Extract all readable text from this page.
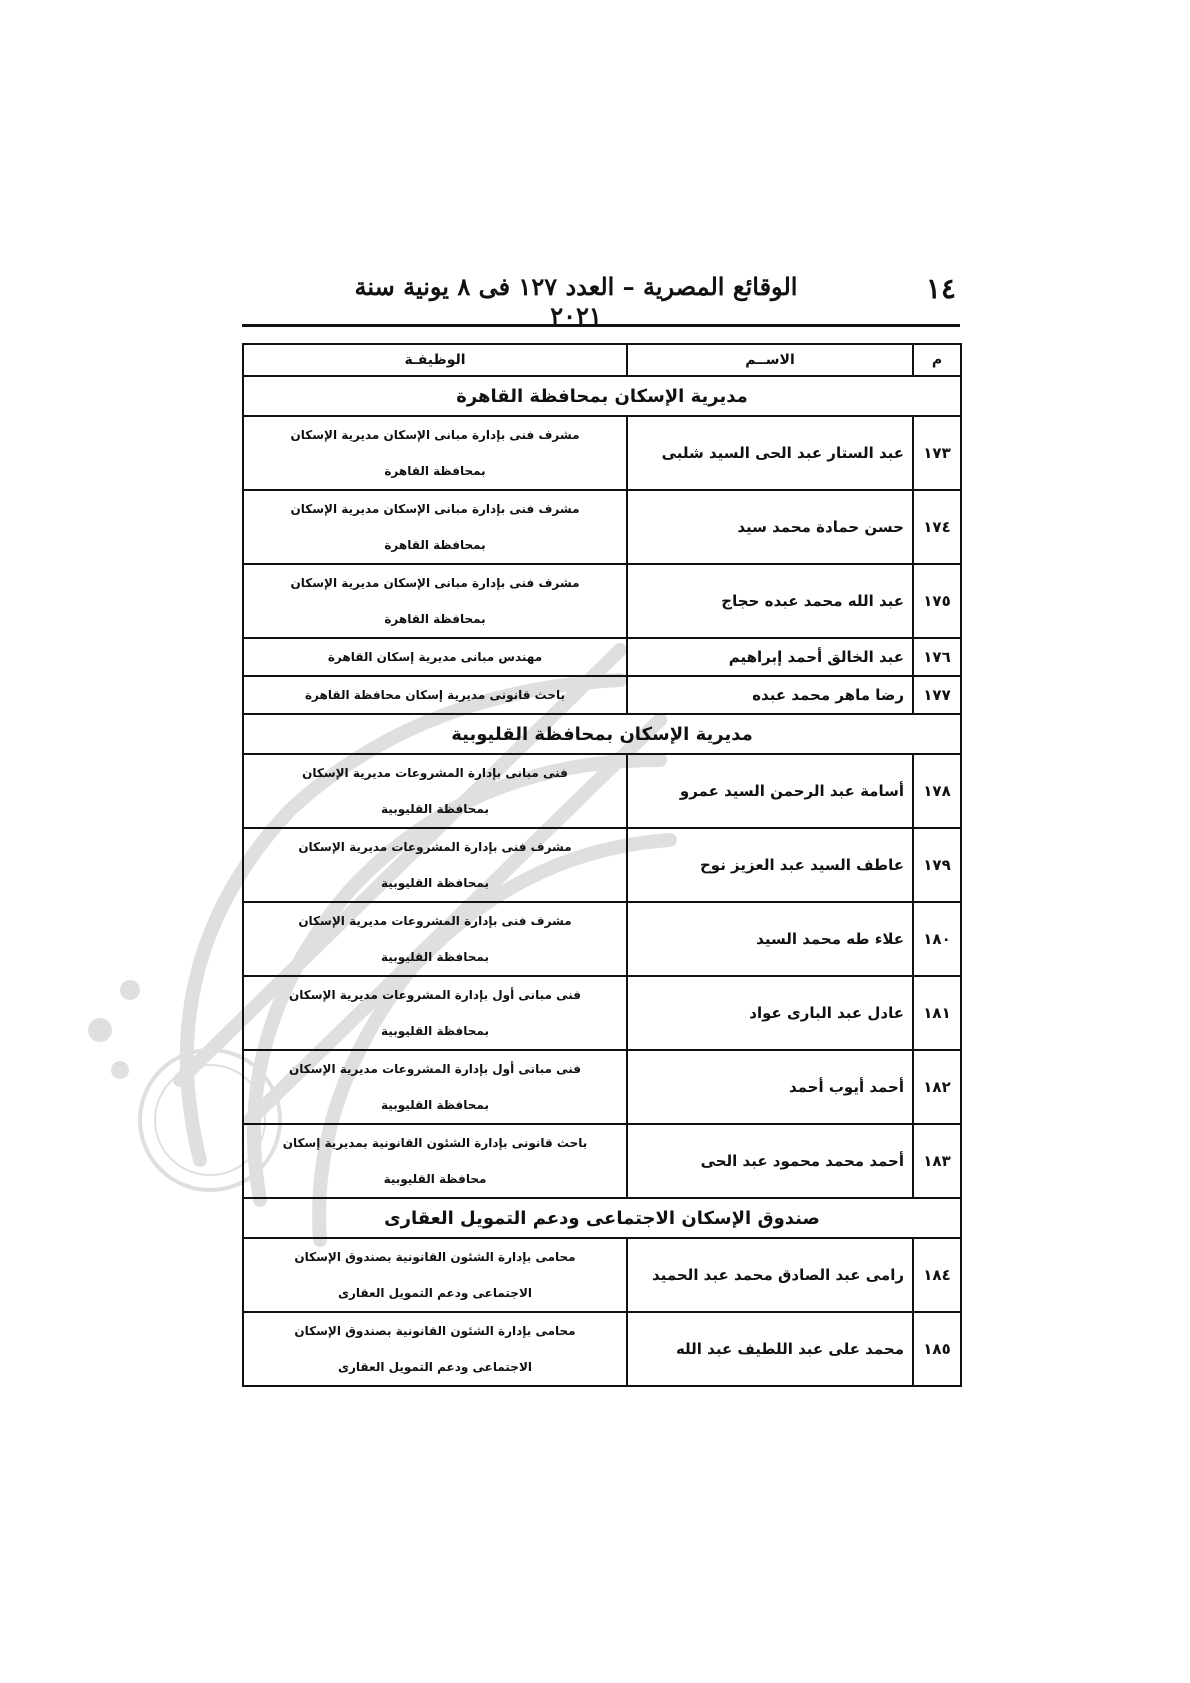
١٤
الوقائع المصرية – العدد ١٢٧ فى ٨ يونية سنة ٢٠٢١
م	الاســم	الوظيفـة
مديرية الإسكان بمحافظة القاهرة		
١٧٣	عبد الستار عبد الحى السيد شلبى	مشرف فنى بإدارة مبانى الإسكان مديرية الإسكان
بمحافظة القاهرة

١٧٤	حسن حمادة محمد سيد	مشرف فنى بإدارة مبانى الإسكان مديرية الإسكان
بمحافظة القاهرة

١٧٥	عبد الله محمد عبده حجاج	مشرف فنى بإدارة مبانى الإسكان مديرية الإسكان
بمحافظة القاهرة

١٧٦	عبد الخالق أحمد إبراهيم	مهندس مبانى مديرية إسكان القاهرة

١٧٧	رضا ماهر محمد عبده	باحث قانونى مديرية إسكان محافظة القاهرة

مديرية الإسكان بمحافظة القليوبية		
١٧٨	أسامة عبد الرحمن السيد عمرو	فنى مبانى بإدارة المشروعات مديرية الإسكان
بمحافظة القليوبية

١٧٩	عاطف السيد عبد العزيز نوح	مشرف فنى بإدارة المشروعات مديرية الإسكان
بمحافظة القليوبية

١٨٠	علاء طه محمد السيد	مشرف فنى بإدارة المشروعات مديرية الإسكان
بمحافظة القليوبية

١٨١	عادل عبد البارى عواد	فنى مبانى أول بإدارة المشروعات مديرية الإسكان
بمحافظة القليوبية

١٨٢	أحمد أيوب أحمد	فنى مبانى أول بإدارة المشروعات مديرية الإسكان
بمحافظة القليوبية

١٨٣	أحمد محمد محمود عبد الحى	باحث قانونى بإدارة الشئون القانونية بمديرية إسكان
محافظة القليوبية

صندوق الإسكان الاجتماعى ودعم التمويل العقارى		
١٨٤	رامى عبد الصادق محمد عبد الحميد	محامى بإدارة الشئون القانونية بصندوق الإسكان
الاجتماعى ودعم التمويل العقارى

١٨٥	محمد على عبد اللطيف عبد الله	محامى بإدارة الشئون القانونية بصندوق الإسكان
الاجتماعى ودعم التمويل العقارى
